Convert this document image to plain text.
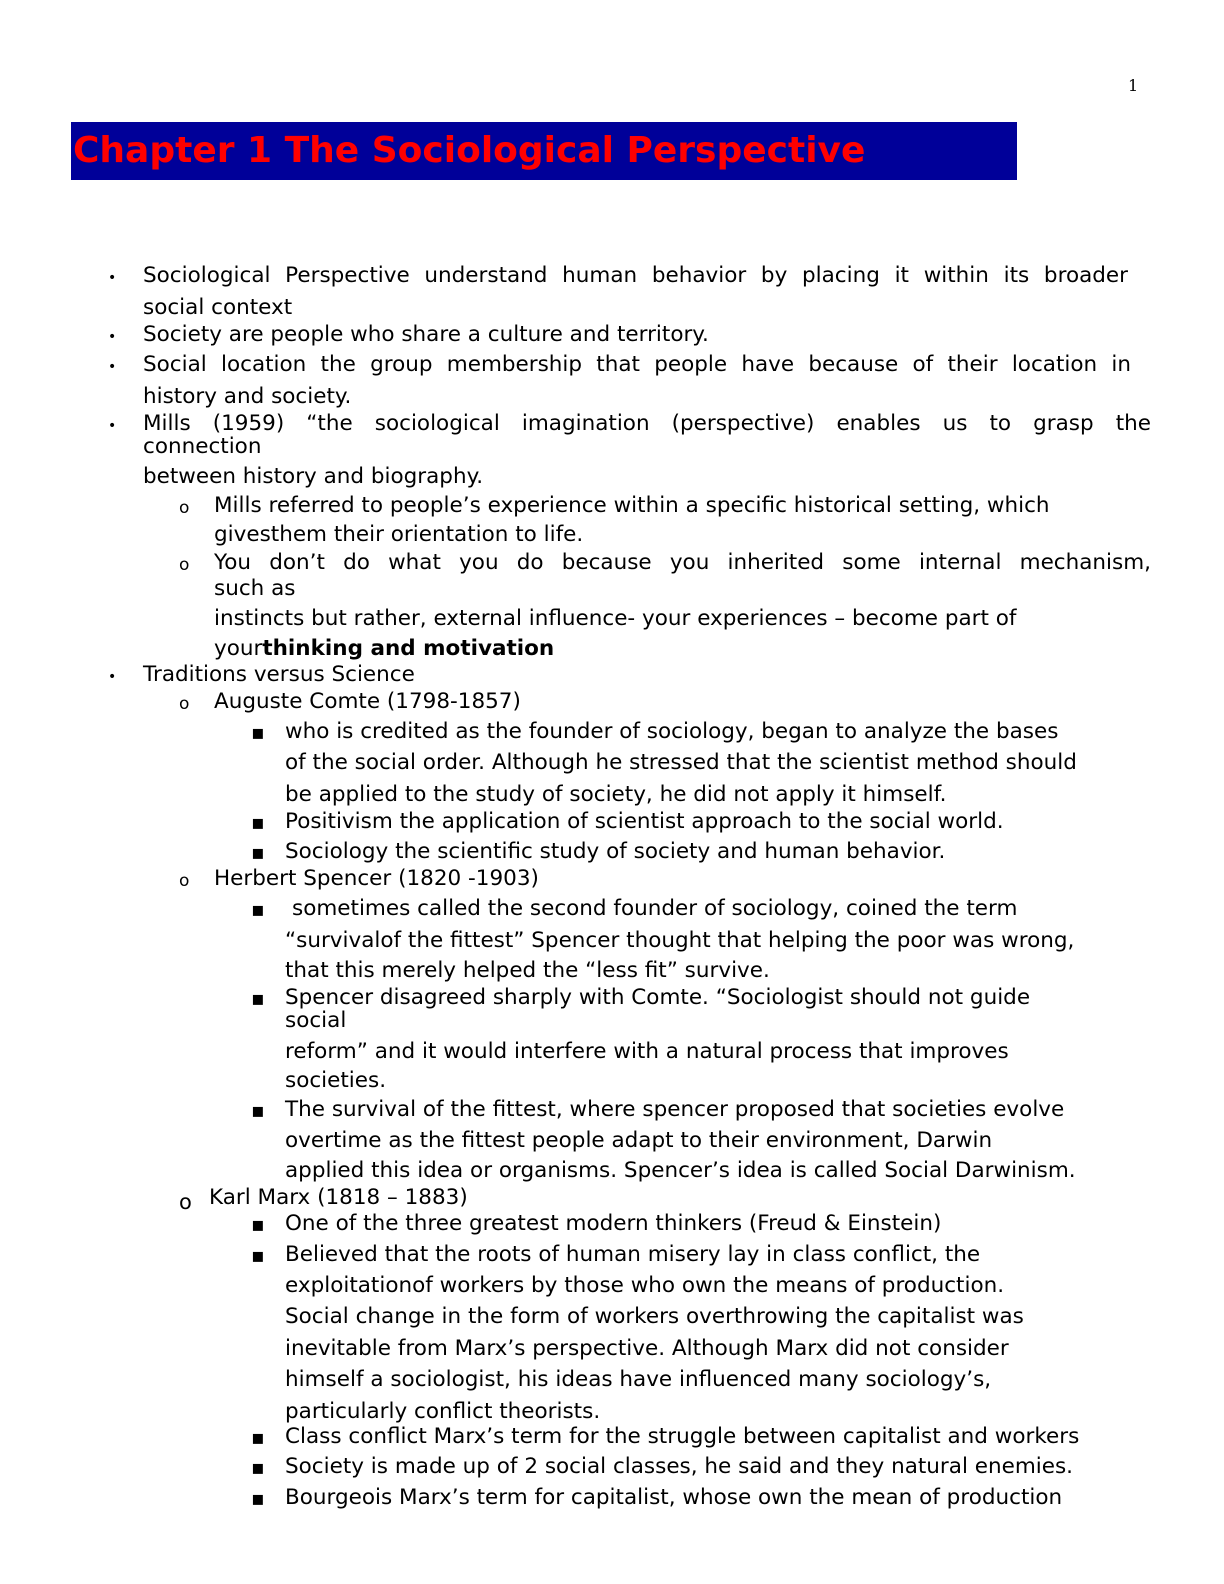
1
Chapter 1 The Sociological Perspective
• Sociological Perspective understand human behavior by placing it within its broader
social context
• Society are people who share a culture and territory.
• Social location the group membership that people have because of their location in
history and society.
• Mills (1959) “the sociological imagination (perspective) enables us to grasp the
connection
between history and biography.
o Mills referred to people’s experience within a specific historical setting, which
givesthem their orientation to life.
o You don’t do what you do because you inherited some internal mechanism,
such as
instincts but rather, external influence- your experiences – become part of
yourthinking and motivation
• Traditions versus Science
o Auguste Comte (1798-1857)
▪ who is credited as the founder of sociology, began to analyze the bases
of the social order. Although he stressed that the scientist method should
be applied to the study of society, he did not apply it himself.
▪ Positivism the application of scientist approach to the social world.
▪ Sociology the scientific study of society and human behavior.
o Herbert Spencer (1820 -1903)
▪ sometimes called the second founder of sociology, coined the term
“survivalof the fittest” Spencer thought that helping the poor was wrong,
that this merely helped the “less fit” survive.
▪ Spencer disagreed sharply with Comte. “Sociologist should not guide
social
reform” and it would interfere with a natural process that improves
societies.
▪ The survival of the fittest, where spencer proposed that societies evolve
overtime as the fittest people adapt to their environment, Darwin
applied this idea or organisms. Spencer’s idea is called Social Darwinism.
o Karl Marx (1818 – 1883)
▪ One of the three greatest modern thinkers (Freud & Einstein)
▪ Believed that the roots of human misery lay in class conflict, the
exploitationof workers by those who own the means of production.
Social change in the form of workers overthrowing the capitalist was
inevitable from Marx’s perspective. Although Marx did not consider
himself a sociologist, his ideas have influenced many sociology’s,
particularly conflict theorists.
▪ Class conflict Marx’s term for the struggle between capitalist and workers
▪ Society is made up of 2 social classes, he said and they natural enemies.
▪ Bourgeois Marx’s term for capitalist, whose own the mean of production
